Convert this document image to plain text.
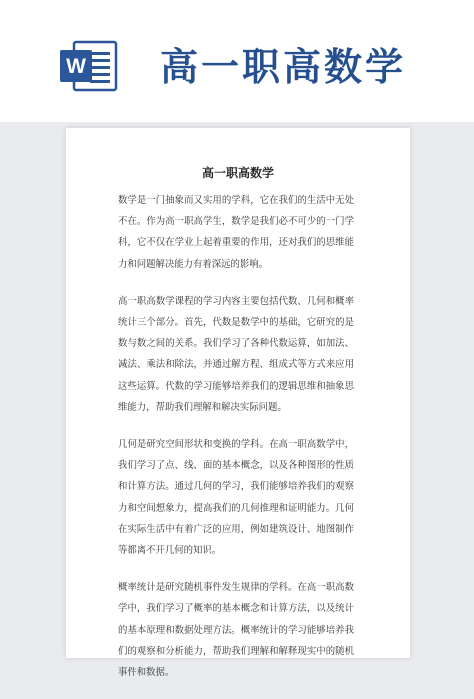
W 高一职高数学
高一职高数学

数学是一门抽象而又实用的学科，它在我们的生活中无处不在。作为高一职高学生，数学是我们必不可少的一门学科，它不仅在学业上起着重要的作用，还对我们的思维能力和问题解决能力有着深远的影响。

高一职高数学课程的学习内容主要包括代数、几何和概率统计三个部分。首先，代数是数学中的基础，它研究的是数与数之间的关系。我们学习了各种代数运算，如加法、减法、乘法和除法，并通过解方程、组成式等方式来应用这些运算。代数的学习能够培养我们的逻辑思维和抽象思维能力，帮助我们理解和解决实际问题。

几何是研究空间形状和变换的学科。在高一职高数学中，我们学习了点、线、面的基本概念，以及各种图形的性质和计算方法。通过几何的学习，我们能够培养我们的观察力和空间想象力，提高我们的几何推理和证明能力。几何在实际生活中有着广泛的应用，例如建筑设计、地图制作等都离不开几何的知识。

概率统计是研究随机事件发生规律的学科。在高一职高数学中，我们学习了概率的基本概念和计算方法，以及统计的基本原理和数据处理方法。概率统计的学习能够培养我们的观察和分析能力，帮助我们理解和解释现实中的随机事件和数据。
